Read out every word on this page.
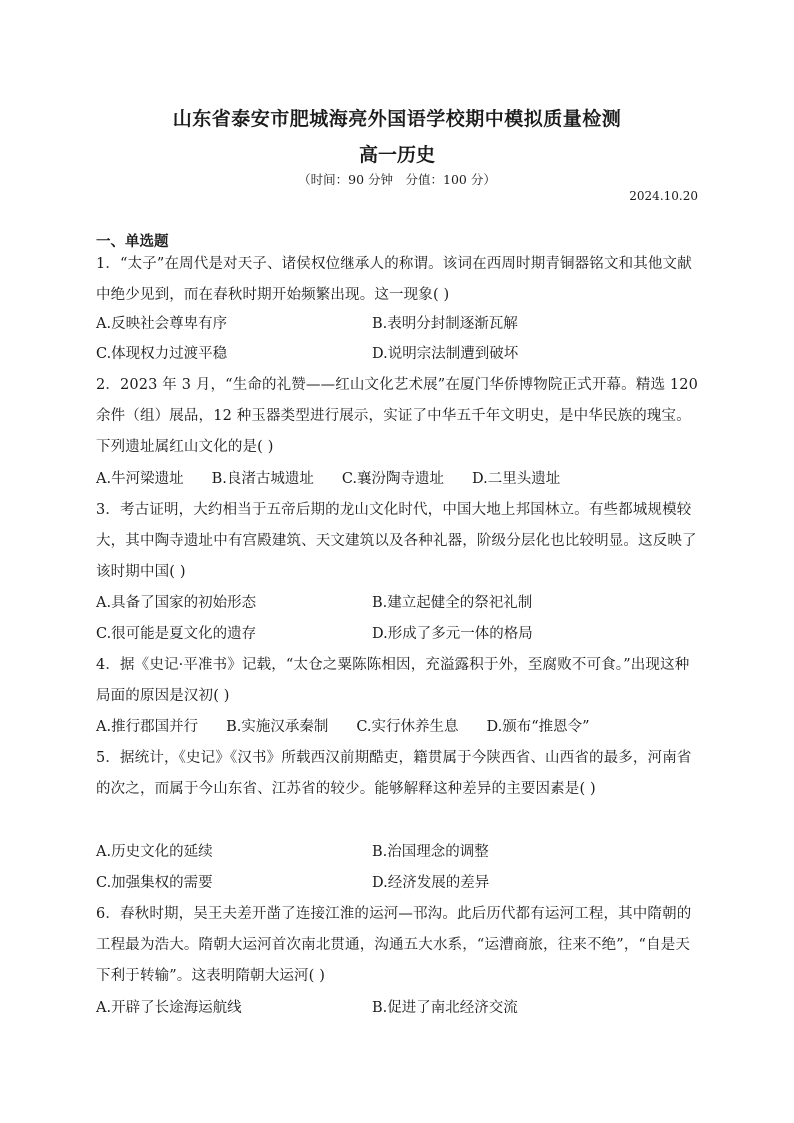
山东省泰安市肥城海亮外国语学校期中模拟质量检测
高一历史
（时间：90 分钟　分值：100 分）
2024.10.20
一、单选题
1．“太子”在周代是对天子、诸侯权位继承人的称谓。该词在西周时期青铜器铭文和其他文献中绝少见到，而在春秋时期开始频繁出现。这一现象( )
A.反映社会尊卑有序	B.表明分封制逐渐瓦解
C.体现权力过渡平稳	D.说明宗法制遭到破坏
2．2023 年 3 月，“生命的礼赞——红山文化艺术展”在厦门华侨博物院正式开幕。精选 120 余件（组）展品，12 种玉器类型进行展示，实证了中华五千年文明史，是中华民族的瑰宝。下列遗址属红山文化的是( )
A.牛河梁遗址 B.良渚古城遗址 C.襄汾陶寺遗址 D.二里头遗址
3．考古证明，大约相当于五帝后期的龙山文化时代，中国大地上邦国林立。有些都城规模较大，其中陶寺遗址中有宫殿建筑、天文建筑以及各种礼器，阶级分层化也比较明显。这反映了该时期中国( )
A.具备了国家的初始形态	B.建立起健全的祭祀礼制
C.很可能是夏文化的遗存	D.形成了多元一体的格局
4．据《史记·平准书》记载，“太仓之粟陈陈相因，充溢露积于外，至腐败不可食。”出现这种局面的原因是汉初( )
A.推行郡国并行 B.实施汉承秦制 C.实行休养生息 D.颁布“推恩令”
5．据统计，《史记》《汉书》所载西汉前期酷吏，籍贯属于今陕西省、山西省的最多，河南省的次之，而属于今山东省、江苏省的较少。能够解释这种差异的主要因素是( )
A.历史文化的延续	B.治国理念的调整
C.加强集权的需要	D.经济发展的差异
6．春秋时期，吴王夫差开凿了连接江淮的运河—邗沟。此后历代都有运河工程，其中隋朝的工程最为浩大。隋朝大运河首次南北贯通，沟通五大水系，“运漕商旅，往来不绝”，“自是天下利于转输”。这表明隋朝大运河( )
A.开辟了长途海运航线	B.促进了南北经济交流
